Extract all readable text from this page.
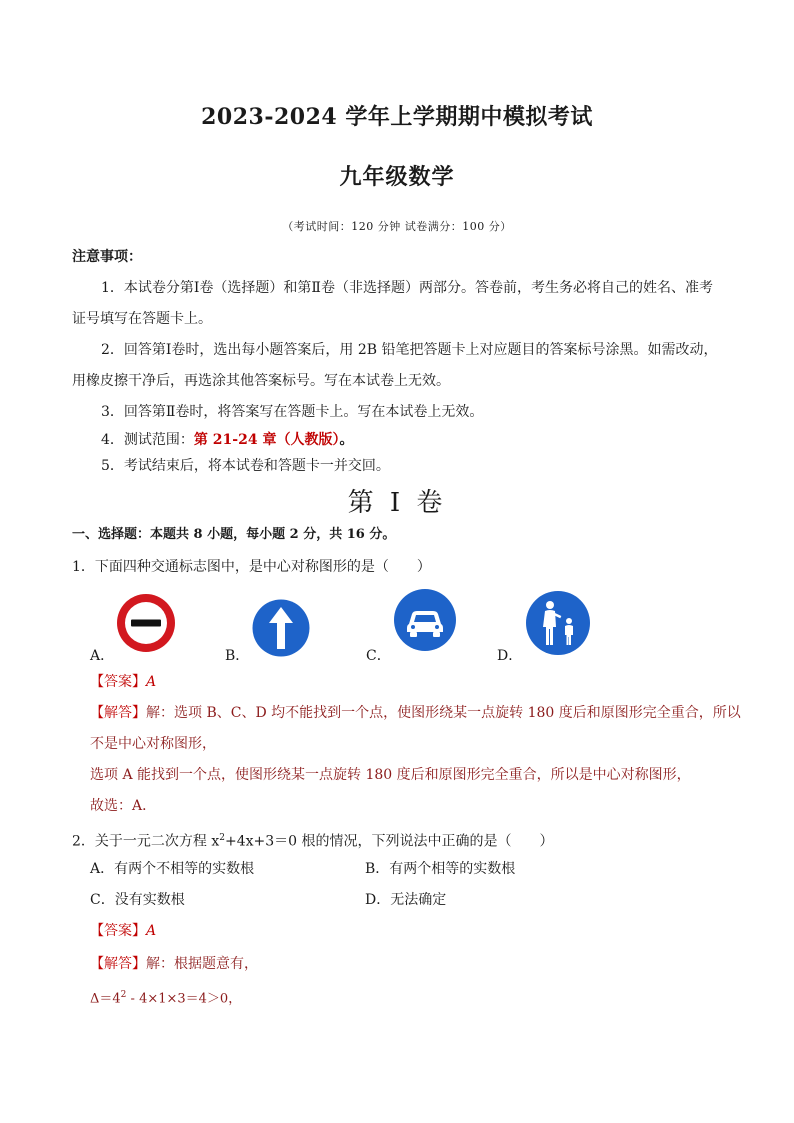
2023-2024 学年上学期期中模拟考试
九年级数学
（考试时间：120 分钟 试卷满分：100 分）
注意事项：
1．本试卷分第Ⅰ卷（选择题）和第Ⅱ卷（非选择题）两部分。答卷前，考生务必将自己的姓名、准考
证号填写在答题卡上。
2．回答第Ⅰ卷时，选出每小题答案后，用 2B 铅笔把答题卡上对应题目的答案标号涂黑。如需改动，
用橡皮擦干净后，再选涂其他答案标号。写在本试卷上无效。
3．回答第Ⅱ卷时，将答案写在答题卡上。写在本试卷上无效。
4．测试范围：第 21-24 章（人教版）。
5．考试结束后，将本试卷和答题卡一并交回。
第 I 卷
一、选择题：本题共 8 小题，每小题 2 分，共 16 分。
1．下面四种交通标志图中，是中心对称图形的是（　　）
A．	B．	C．	D．
【答案】A
【解答】解：选项 B、C、D 均不能找到一个点，使图形绕某一点旋转 180 度后和原图形完全重合，所以
不是中心对称图形，
选项 A 能找到一个点，使图形绕某一点旋转 180 度后和原图形完全重合，所以是中心对称图形，
故选：A．
2．关于一元二次方程 $x^2+4x+3=0$ 根的情况，下列说法中正确的是（　　）
A．有两个不相等的实数根	B．有两个相等的实数根
C．没有实数根	D．无法确定
【答案】A
【解答】解：根据题意有，
$\Delta=4^2 - 4\times 1\times 3=4>0$，
